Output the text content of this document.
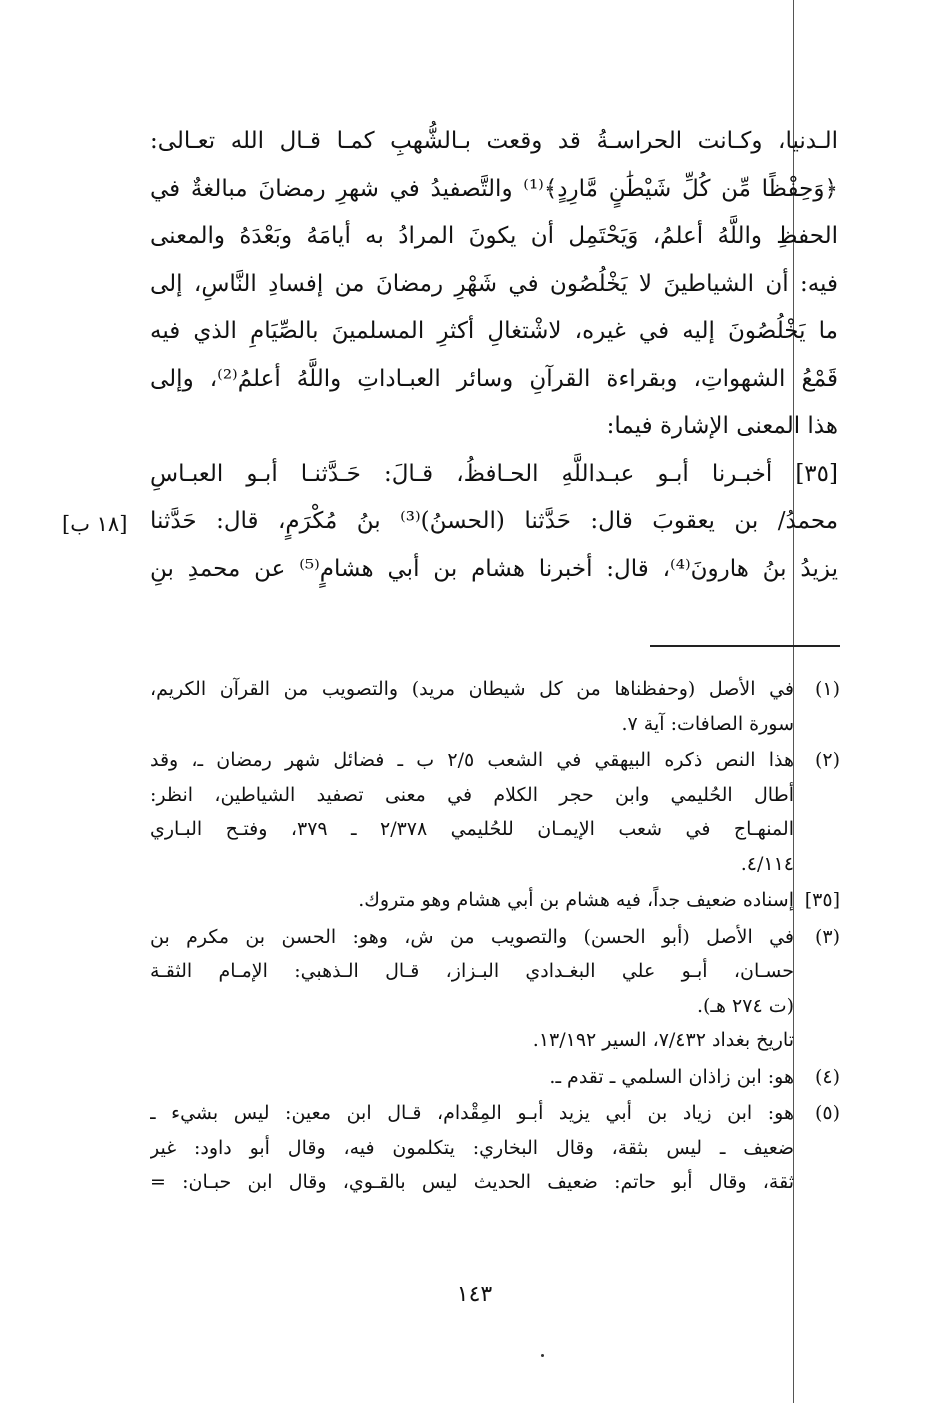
الـدنيا، وكـانت الحراسـةُ قد وقعت بـالشُّهبِ كمـا قـال الله تعـالى:
﴿وَحِفْظًا مِّن كُلِّ شَيْطَٰنٍ مَّارِدٍ﴾⁽¹⁾ والتَّصفيدُ في شهرِ رمضانَ مبالغةٌ في
الحفظِ واللَّهُ أعلمُ، وَيَحْتَمِل أن يكونَ المرادُ به أيامَهُ وبَعْدَهُ والمعنى
فيه: أن الشياطينَ لا يَخْلُصُون في شَهْرِ رمضانَ من إفسادِ النَّاسِ، إلى
ما يَخْلُصُونَ إليه في غيره، لاشْتغالِ أكثرِ المسلمينَ بالصِّيَامِ الذي فيه
قَمْعُ الشهواتِ، وبقراءة القرآنِ وسائر العبـاداتِ واللَّهُ أعلمُ⁽²⁾، وإلى
هذا المعنى الإشارة فيما:
[٣٥] أخبـرنا أبـو عبـداللَّهِ الحـافظُ، قـالَ: حَـدَّثنـا أبـو العبـاسِ
محمدُ/ بن يعقوبَ قال: حَدَّثنا (الحسنُ)⁽³⁾ بنُ مُكْرَمٍ، قال: حَدَّثنا
يزيدُ بنُ هارونَ⁽⁴⁾، قال: أخبرنا هشام بن أبي هشامٍ⁽⁵⁾ عن محمدِ بنِ
[١٨ ب]
(١)
في الأصل (وحفظناها من كل شيطان مريد) والتصويب من القرآن الكريم،
سورة الصافات: آية ٧.
(٢)
هذا النص ذكره البيهقي في الشعب ٢/٥ ب ـ فضائل شهر رمضان ـ، وقد
أطال الحُليمي وابن حجر الكلام في معنى تصفيد الشياطين، انظر:
المنهـاج في شعب الإيمـان للحُليمي ٢/٣٧٨ ـ ٣٧٩، وفتـح البـاري
٤/١١٤.
[٣٥]
إسناده ضعيف جداً، فيه هشام بن أبي هشام وهو متروك.
(٣)
في الأصل (أبو الحسن) والتصويب من ش، وهو: الحسن بن مكرم بن
حسـان، أبـو علي البغـدادي البـزاز، قـال الـذهبي: الإمـام الثقـة
(ت ٢٧٤ هـ).
تاريخ بغداد ٧/٤٣٢، السير ١٣/١٩٢.
(٤)
هو: ابن زاذان السلمي ـ تقدم ـ.
(٥)
هو: ابن زياد بن أبي يزيد أبـو المِقْدام، قـال ابن معين: ليس بشيء ـ
ضعيف ـ ليس بثقة، وقال البخاري: يتكلمون فيه، وقال أبو داود: غير
ثقة، وقال أبو حاتم: ضعيف الحديث ليس بالقـوي، وقال ابن حبـان: =
١٤٣
